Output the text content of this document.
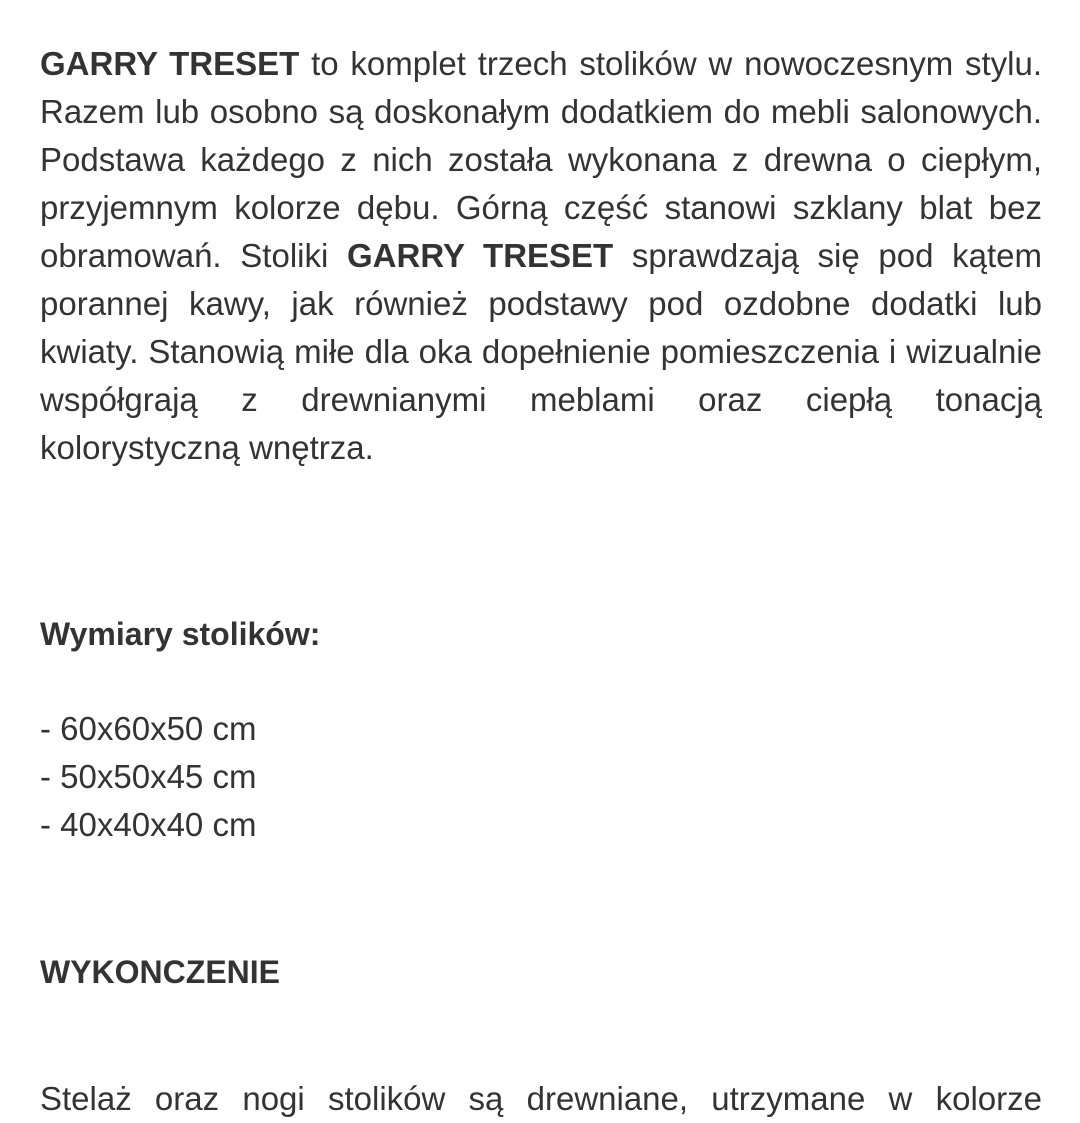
GARRY TRESET to komplet trzech stolików w nowoczesnym stylu. Razem lub osobno są doskonałym dodatkiem do mebli salonowych. Podstawa każdego z nich została wykonana z drewna o ciepłym, przyjemnym kolorze dębu. Górną część stanowi szklany blat bez obramowań. Stoliki GARRY TRESET sprawdzają się pod kątem porannej kawy, jak również podstawy pod ozdobne dodatki lub kwiaty. Stanowią miłe dla oka dopełnienie pomieszczenia i wizualnie współgrają z drewnianymi meblami oraz ciepłą tonacją kolorystyczną wnętrza.

Wymiary stolików:
- 60x60x50 cm
- 50x50x45 cm
- 40x40x40 cm
WYKONCZENIE

Stelaż oraz nogi stolików są drewniane, utrzymane w kolorze
